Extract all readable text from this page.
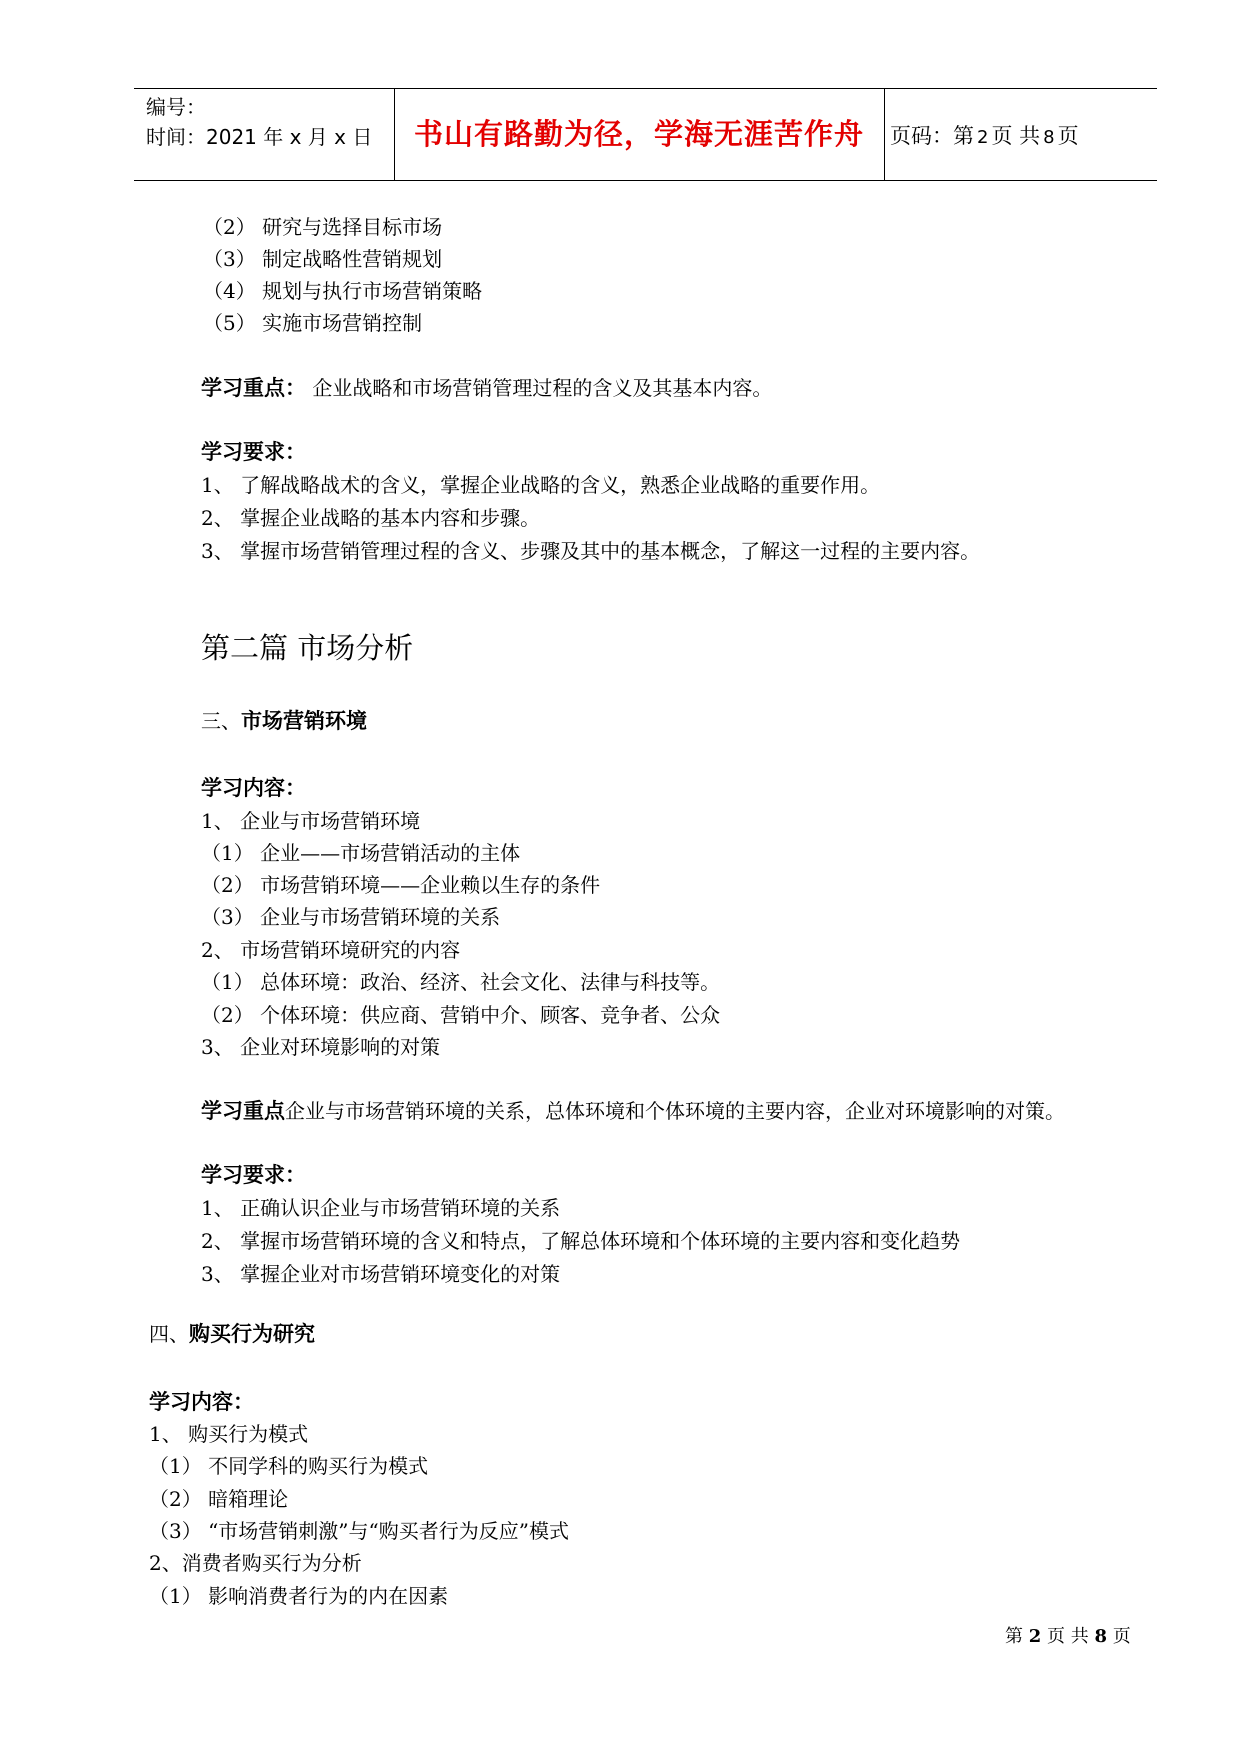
编号：
时间：2021 年 x 月 x 日	书山有路勤为径，学海无涯苦作舟	页码：第 2 页 共 8 页
（2） 研究与选择目标市场
（3） 制定战略性营销规划
（4） 规划与执行市场营销策略
（5） 实施市场营销控制
学习重点： 企业战略和市场营销管理过程的含义及其基本内容。
学习要求：
1、 了解战略战术的含义，掌握企业战略的含义，熟悉企业战略的重要作用。
2、 掌握企业战略的基本内容和步骤。
3、 掌握市场营销管理过程的含义、步骤及其中的基本概念，了解这一过程的主要内容。
第二篇 市场分析
三、市场营销环境
学习内容：
1、 企业与市场营销环境
（1） 企业——市场营销活动的主体
（2） 市场营销环境——企业赖以生存的条件
（3） 企业与市场营销环境的关系
2、 市场营销环境研究的内容
（1） 总体环境：政治、经济、社会文化、法律与科技等。
（2） 个体环境：供应商、营销中介、顾客、竞争者、公众
3、 企业对环境影响的对策
学习重点企业与市场营销环境的关系，总体环境和个体环境的主要内容，企业对环境影响的对策。
学习要求：
1、 正确认识企业与市场营销环境的关系
2、 掌握市场营销环境的含义和特点，了解总体环境和个体环境的主要内容和变化趋势
3、 掌握企业对市场营销环境变化的对策
四、购买行为研究
学习内容：
1、 购买行为模式
（1） 不同学科的购买行为模式
（2） 暗箱理论
（3） “市场营销刺激”与“购买者行为反应”模式
2、消费者购买行为分析
（1） 影响消费者行为的内在因素
第 2 页 共 8 页
